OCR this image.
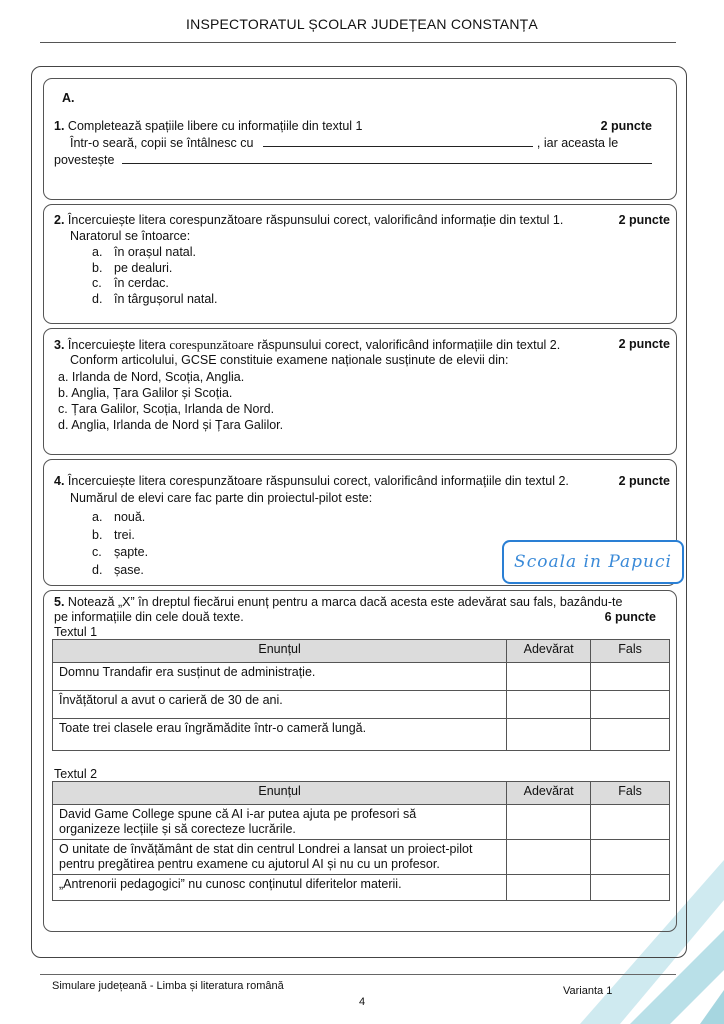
INSPECTORATUL ȘCOLAR JUDEȚEAN CONSTANȚA
A.
1. Completează spațiile libere cu informațiile din textul 1	2 puncte
Într-o seară, copii se întâlnesc cu	, iar aceasta le
povestește
2. Încercuiește litera corespunzătoare răspunsului corect, valorificând informație din textul 1.	2 puncte
Naratorul se întoarce:
a. în orașul natal.
b. pe dealuri.
c. în cerdac.
d. în târgușorul natal.
3. Încercuiește litera corespunzătoare răspunsului corect, valorificând informațiile din textul 2.	2 puncte
Conform articolului, GCSE constituie examene naționale susținute de elevii din:
a. Irlanda de Nord, Scoția, Anglia.
b. Anglia, Țara Galilor și Scoția.
c. Țara Galilor, Scoția, Irlanda de Nord.
d. Anglia, Irlanda de Nord și Țara Galilor.
4. Încercuiește litera corespunzătoare răspunsului corect, valorificând informațiile din textul 2.	2 puncte
Numărul de elevi care fac parte din proiectul-pilot este:
a. nouă.
b. trei.
c. șapte.
d. șase.	Scoala in Papuci
5. Notează „X” în dreptul fiecărui enunț pentru a marca dacă acesta este adevărat sau fals, bazându-te
pe informațiile din cele două texte.	6 puncte
Textul 1
Textul 2
Enunțul	Adevărat	Fals
Domnu Trandafir era susținut de administrație.		
Învățătorul a avut o carieră de 30 de ani.		
Toate trei clasele erau îngrămădite într-o cameră lungă.		
Enunțul	Adevărat	Fals

David Game College spune că AI i-ar putea ajuta pe profesori să
organizeze lecțiile și să corecteze lucrările.		

O unitate de învățământ de stat din centrul Londrei a lansat un proiect-pilot
pentru pregătirea pentru examene cu ajutorul AI și nu cu un profesor.		

„Antrenorii pedagogici” nu cunosc conținutul diferitelor materii.		

Simulare județeană - Limba și literatura română
4
Varianta 1
